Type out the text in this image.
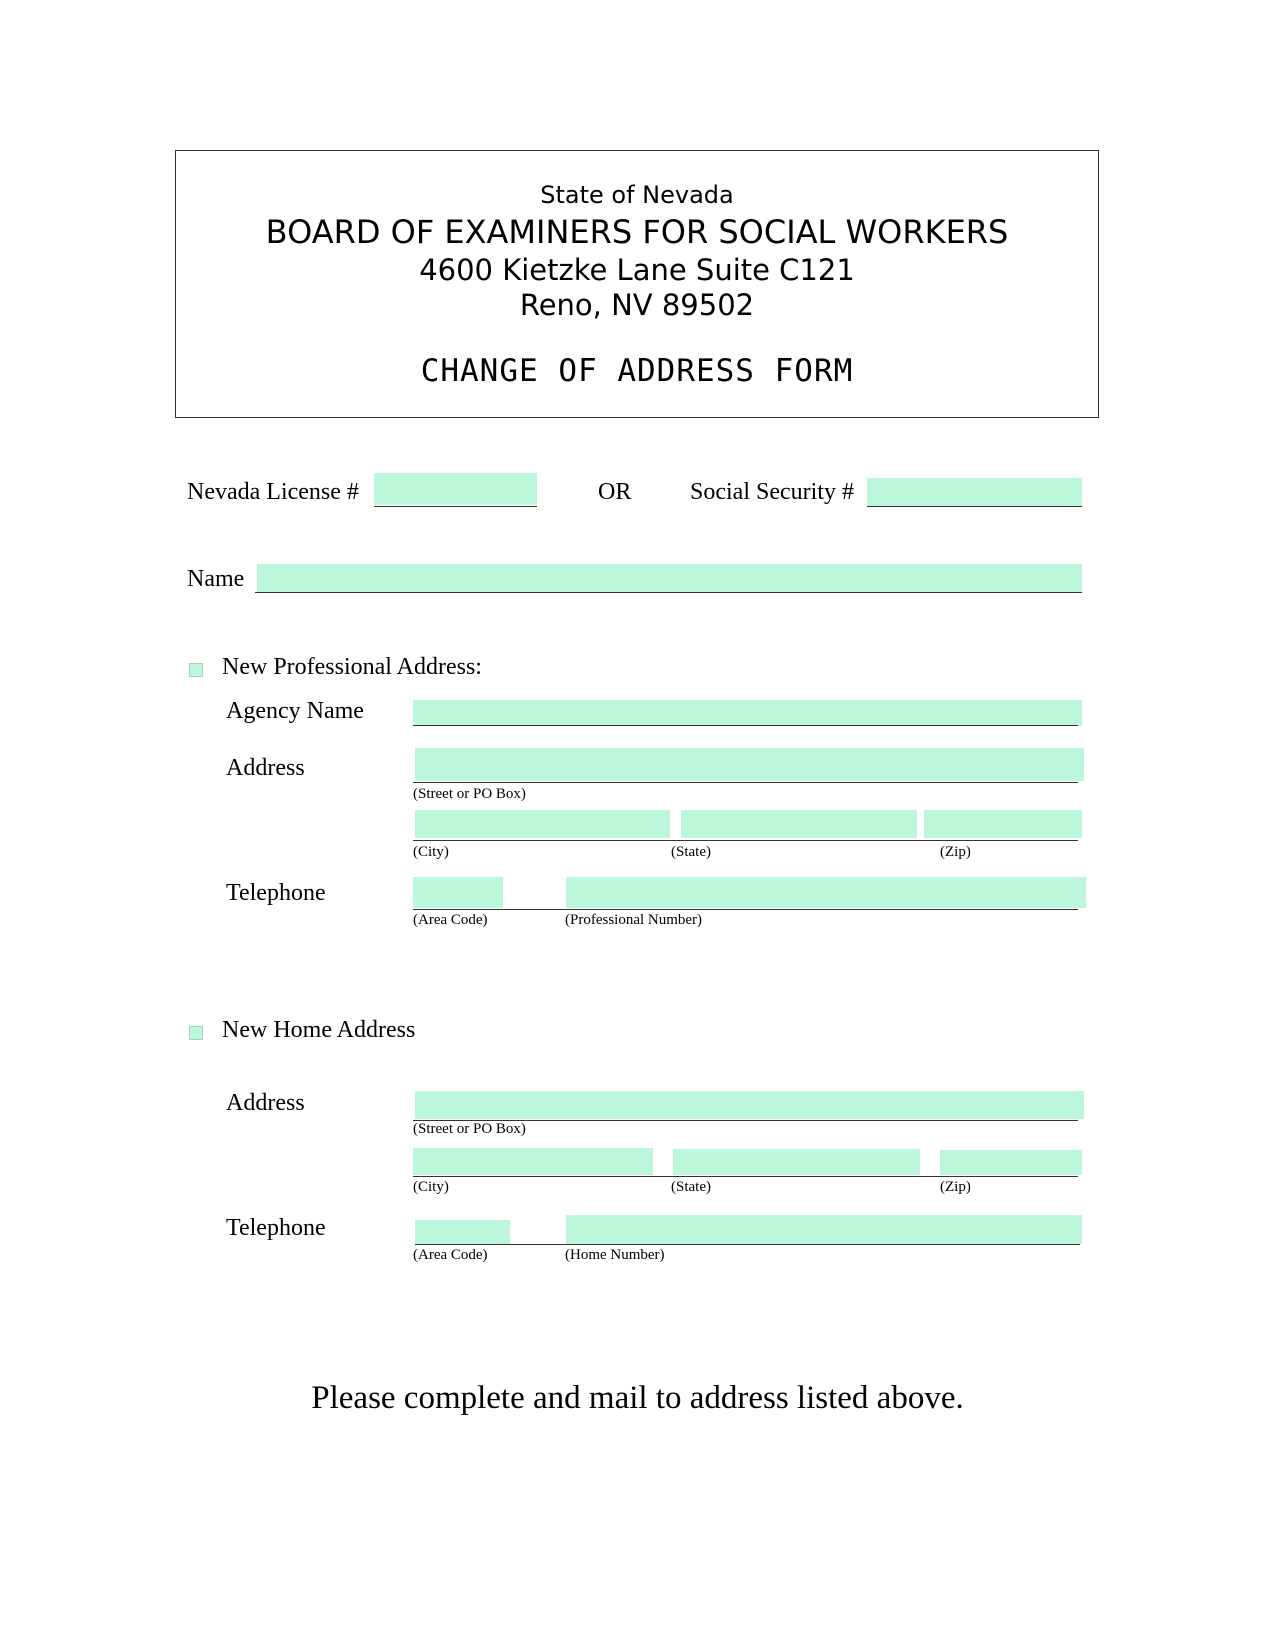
State of Nevada
BOARD OF EXAMINERS FOR SOCIAL WORKERS
4600 Kietzke Lane Suite C121
Reno, NV 89502
CHANGE OF ADDRESS FORM
Nevada License #	OR Social Security #
Name
New Professional Address:
Agency Name
Address
(Street or PO Box)
(City)	(State)	(Zip)
Telephone
(Area Code)	(Professional Number)
New Home Address
Address
(Street or PO Box)
(City)	(State)	(Zip)
Telephone
(Area Code)	(Home Number)
Please complete and mail to address listed above.
